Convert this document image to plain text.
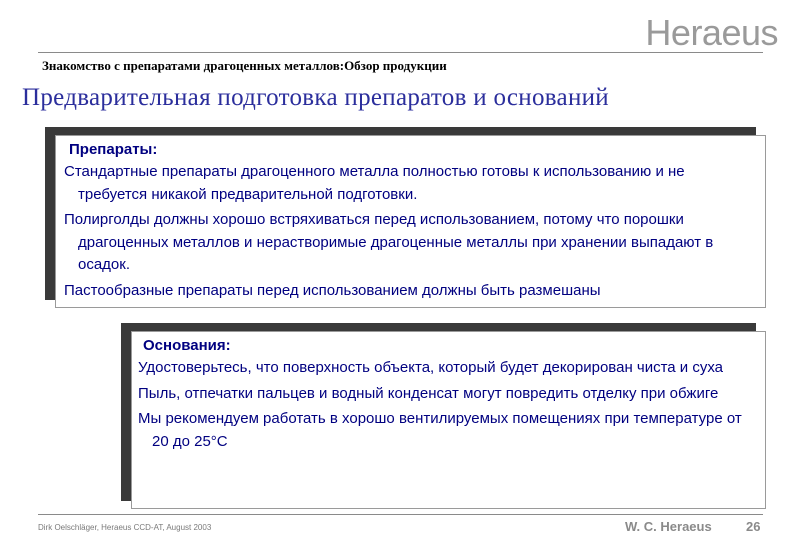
Heraeus
Знакомство с препаратами драгоценных металлов:Обзор продукции
Предварительная подготовка препаратов и оснований
Препараты:

Стандартные препараты драгоценного металла полностью готовы к использованию и не требуется никакой предварительной подготовки.

Полирголды должны хорошо встряхиваться перед использованием, потому что порошки драгоценных металлов и нерастворимые драгоценные металлы при хранении выпадают в осадок.

Пастообразные препараты перед использованием должны быть размешаны

Основания:

Удостоверьтесь, что поверхность объекта, который будет декорирован чиста и суха

Пыль, отпечатки пальцев и водный конденсат могут повредить отделку при обжиге

Мы рекомендуем работать в хорошо вентилируемых помещениях при температуре от 20 до 25°С

Dirk Oelschläger, Heraeus CCD-AT, August 2003	W. C. Heraeus	26
